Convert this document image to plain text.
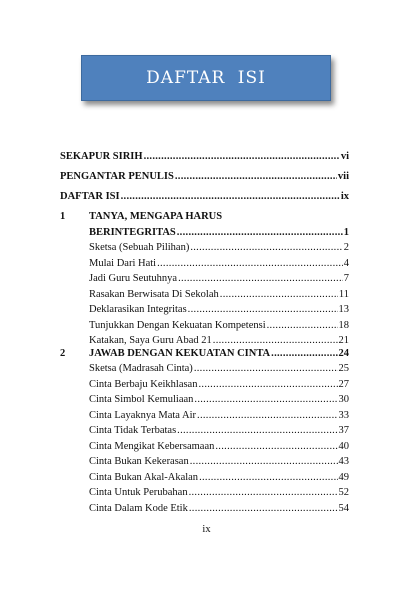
DAFTAR ISI
SEKAPUR SIRIH .....	vi
PENGANTAR PENULIS .....	vii
DAFTAR ISI .....	ix
1 TANYA, MENGAPA HARUS
BERINTEGRITAS .....	1
Sketsa (Sebuah Pilihan) .....	2
Mulai Dari Hati .....	4
Jadi Guru Seutuhnya .....	7
Rasakan Berwisata Di Sekolah .....	11
Deklarasikan Integritas .....	13
Tunjukkan Dengan Kekuatan Kompetensi .....	18
Katakan, Saya Guru Abad 21 .....	21
2 JAWAB DENGAN KEKUATAN CINTA .....	24
Sketsa (Madrasah Cinta) .....	25
Cinta Berbaju Keikhlasan .....	27
Cinta Simbol Kemuliaan .....	30
Cinta Layaknya Mata Air .....	33
Cinta Tidak Terbatas .....	37
Cinta Mengikat Kebersamaan .....	40
Cinta Bukan Kekerasan .....	43
Cinta Bukan Akal-Akalan .....	49
Cinta Untuk Perubahan .....	52
Cinta Dalam Kode Etik .....	54
ix
